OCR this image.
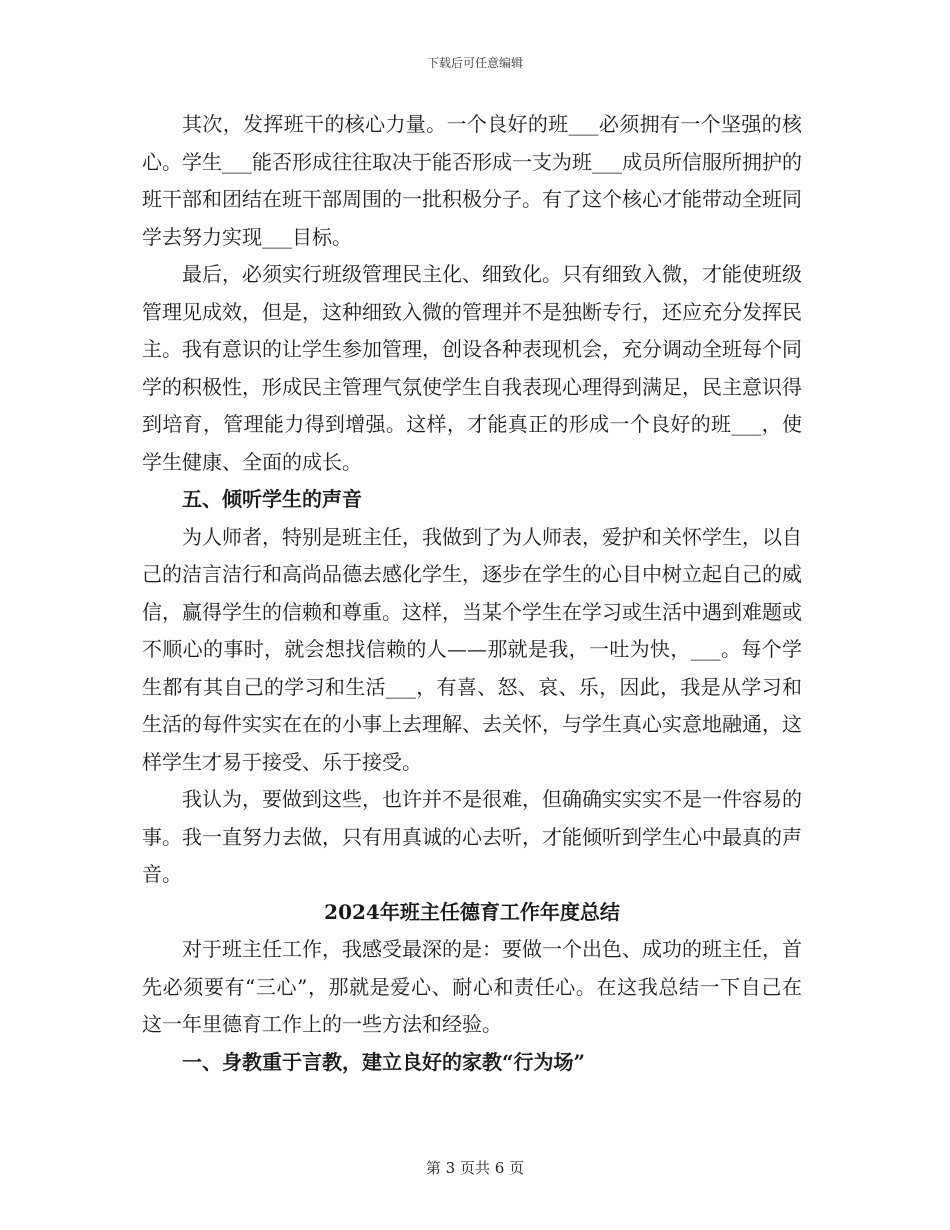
下载后可任意编辑

其次，发挥班干的核心力量。一个良好的班___必须拥有一个坚强的核心。学生___能否形成往往取决于能否形成一支为班___成员所信服所拥护的班干部和团结在班干部周围的一批积极分子。有了这个核心才能带动全班同学去努力实现___目标。

最后，必须实行班级管理民主化、细致化。只有细致入微，才能使班级管理见成效，但是，这种细致入微的管理并不是独断专行，还应充分发挥民主。我有意识的让学生参加管理，创设各种表现机会，充分调动全班每个同学的积极性，形成民主管理气氛使学生自我表现心理得到满足，民主意识得到培育，管理能力得到增强。这样，才能真正的形成一个良好的班___，使学生健康、全面的成长。

五、倾听学生的声音

为人师者，特别是班主任，我做到了为人师表，爱护和关怀学生，以自己的洁言洁行和高尚品德去感化学生，逐步在学生的心目中树立起自己的威信，赢得学生的信赖和尊重。这样，当某个学生在学习或生活中遇到难题或不顺心的事时，就会想找信赖的人——那就是我，一吐为快，___。每个学生都有其自己的学习和生活___，有喜、怒、哀、乐，因此，我是从学习和生活的每件实实在在的小事上去理解、去关怀，与学生真心实意地融通，这样学生才易于接受、乐于接受。

我认为，要做到这些，也许并不是很难，但确确实实实不是一件容易的事。我一直努力去做，只有用真诚的心去听，才能倾听到学生心中最真的声音。

2024年班主任德育工作年度总结

对于班主任工作，我感受最深的是：要做一个出色、成功的班主任，首先必须要有“三心”，那就是爱心、耐心和责任心。在这我总结一下自己在这一年里德育工作上的一些方法和经验。

一、身教重于言教，建立良好的家教“行为场”

第 3 页共 6 页
